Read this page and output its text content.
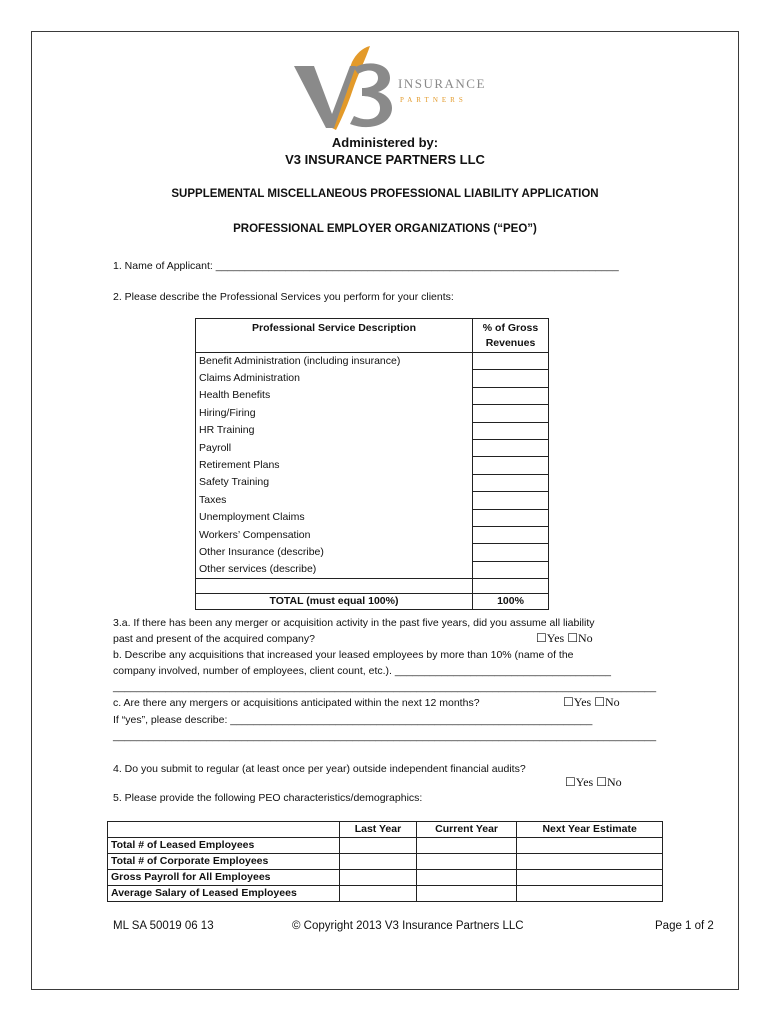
INSURANCE
PARTNERS
Administered by:
V3 INSURANCE PARTNERS LLC
SUPPLEMENTAL MISCELLANEOUS PROFESSIONAL LIABILITY APPLICATION
PROFESSIONAL EMPLOYER ORGANIZATIONS (“PEO”)
1. Name of Applicant: _____________________________________________________________________
2. Please describe the Professional Services you perform for your clients:
Professional Service Description	% of Gross
Revenues
Benefit Administration (including insurance)	
Claims Administration	
Health Benefits	
Hiring/Firing	
HR Training	
Payroll	
Retirement Plans	
Safety Training	
Taxes	
Unemployment Claims	
Workers’ Compensation	
Other Insurance (describe)	
Other services (describe)	

TOTAL (must equal 100%)	100%
3.a. If there has been any merger or acquisition activity in the past five years, did you assume all liability
past and present of the acquired company?	☐Yes ☐No
b. Describe any acquisitions that increased your leased employees by more than 10% (name of the
company involved, number of employees, client count, etc.). _____________________________________
_____________________________________________________________________________________________
c. Are there any mergers or acquisitions anticipated within the next 12 months?	☐Yes ☐No
If “yes”, please describe: ______________________________________________________________
_____________________________________________________________________________________________
4. Do you submit to regular (at least once per year) outside independent financial audits?
☐Yes ☐No
5. Please provide the following PEO characteristics/demographics:
	Last Year	Current Year	Next Year Estimate
Total # of Leased Employees			
Total # of Corporate Employees			
Gross Payroll for All Employees			
Average Salary of Leased Employees			
ML SA 50019 06 13	© Copyright 2013 V3 Insurance Partners LLC	Page 1 of 2
